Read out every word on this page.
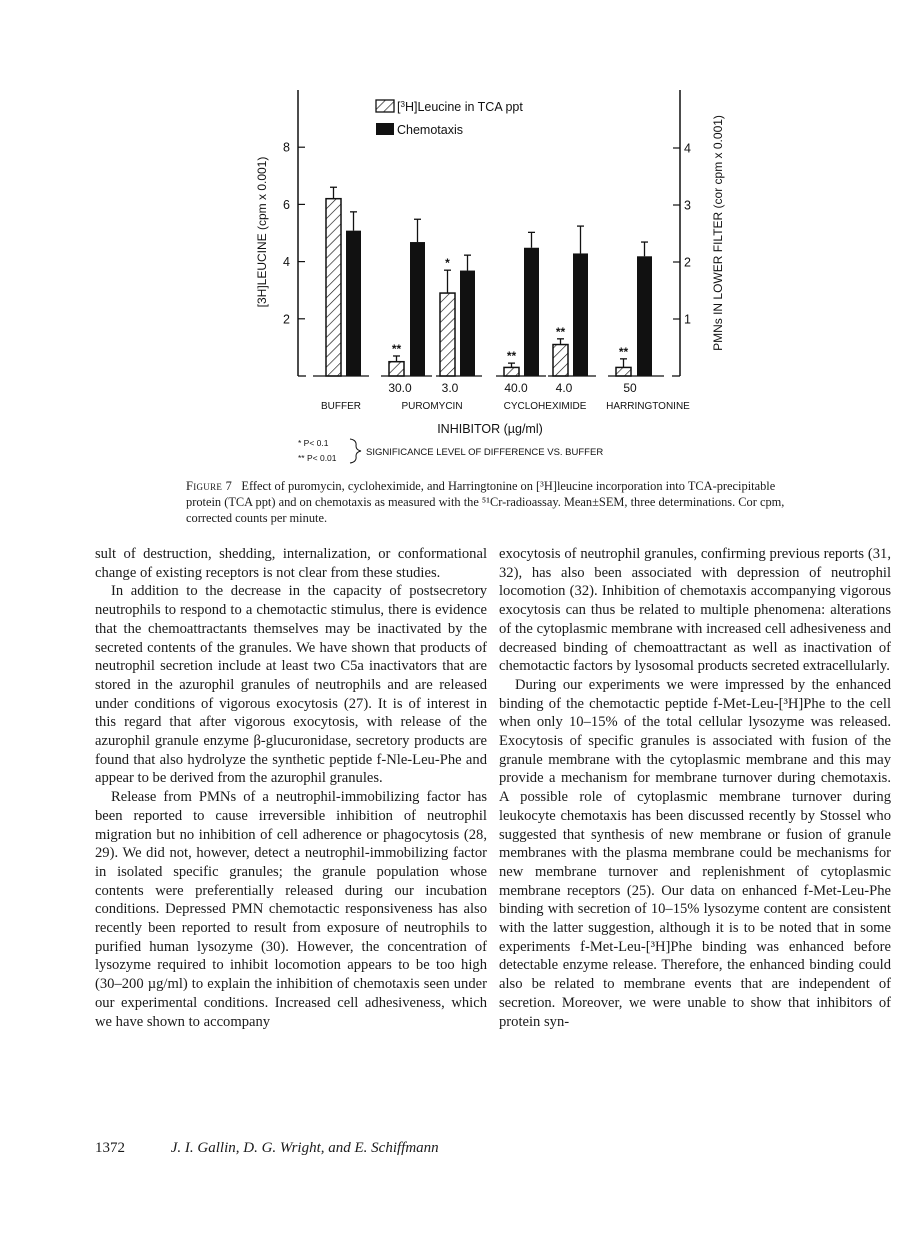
2
4
6
8
1
2
3
4
**
*
**
**
**
[$^3$H]Leucine in TCA ppt
Chemotaxis
[3H]LEUCINE (cpm x 0.001)	PMNs IN LOWER FILTER (cor cpm x 0.001)
30.0 3.0	40.0 4.0	50
BUFFER	PUROMYCIN	CYCLOHEXIMIDE HARRINGTONINE
INHIBITOR (µg/ml)
* P< 0.1
** P< 0.01	SIGNIFICANCE LEVEL OF DIFFERENCE VS. BUFFER
Figure 7 Effect of puromycin, cycloheximide, and Harringtonine on [³H]leucine incorporation into TCA-precipitable protein (TCA ppt) and on chemotaxis as measured with the ⁵¹Cr-radioassay. Mean±SEM, three determinations. Cor cpm, corrected counts per minute.

sult of destruction, shedding, internalization, or conformational change of existing receptors is not clear from these studies.

In addition to the decrease in the capacity of postsecretory neutrophils to respond to a chemotactic stimulus, there is evidence that the chemoattractants themselves may be inactivated by the secreted contents of the granules. We have shown that products of neutrophil secretion include at least two C5a inactivators that are stored in the azurophil granules of neutrophils and are released under conditions of vigorous exocytosis (27). It is of interest in this regard that after vigorous exocytosis, with release of the azurophil granule enzyme β-glucuronidase, secretory products are found that also hydrolyze the synthetic peptide f-Nle-Leu-Phe and appear to be derived from the azurophil granules.

Release from PMNs of a neutrophil-immobilizing factor has been reported to cause irreversible inhibition of neutrophil migration but no inhibition of cell adherence or phagocytosis (28, 29). We did not, however, detect a neutrophil-immobilizing factor in isolated specific granules; the granule population whose contents were preferentially released during our incubation conditions. Depressed PMN chemotactic responsiveness has also recently been reported to result from exposure of neutrophils to purified human lysozyme (30). However, the concentration of lysozyme required to inhibit locomotion appears to be too high (30–200 µg/ml) to explain the inhibition of chemotaxis seen under our experimental conditions. Increased cell adhesiveness, which we have shown to accompany

exocytosis of neutrophil granules, confirming previous reports (31, 32), has also been associated with depression of neutrophil locomotion (32). Inhibition of chemotaxis accompanying vigorous exocytosis can thus be related to multiple phenomena: alterations of the cytoplasmic membrane with increased cell adhesiveness and decreased binding of chemoattractant as well as inactivation of chemotactic factors by lysosomal products secreted extracellularly.

During our experiments we were impressed by the enhanced binding of the chemotactic peptide f-Met-Leu-[³H]Phe to the cell when only 10–15% of the total cellular lysozyme was released. Exocytosis of specific granules is associated with fusion of the granule membrane with the cytoplasmic membrane and this may provide a mechanism for membrane turnover during chemotaxis. A possible role of cytoplasmic membrane turnover during leukocyte chemotaxis has been discussed recently by Stossel who suggested that synthesis of new membrane or fusion of granule membranes with the plasma membrane could be mechanisms for new membrane turnover and replenishment of cytoplasmic membrane receptors (25). Our data on enhanced f-Met-Leu-Phe binding with secretion of 10–15% lysozyme content are consistent with the latter suggestion, although it is to be noted that in some experiments f-Met-Leu-[³H]Phe binding was enhanced before detectable enzyme release. Therefore, the enhanced binding could also be related to membrane events that are independent of secretion. Moreover, we were unable to show that inhibitors of protein syn-

1372	J. I. Gallin, D. G. Wright, and E. Schiffmann
